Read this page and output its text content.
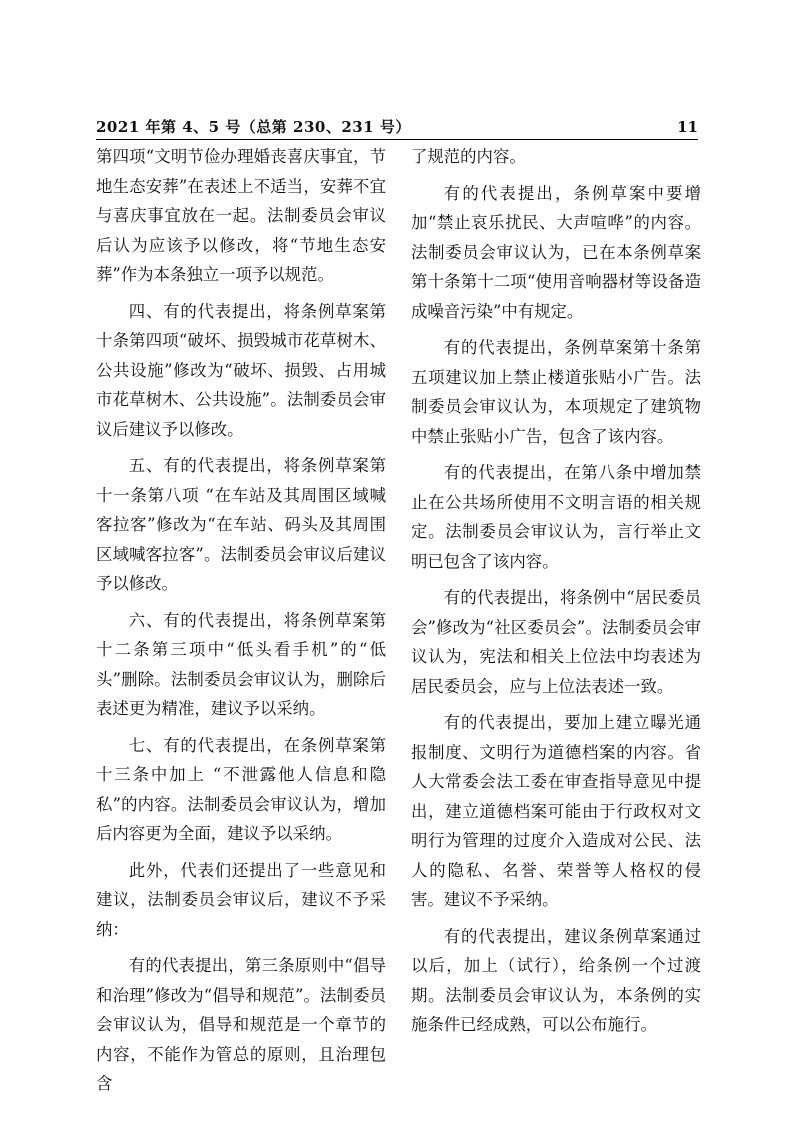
2021 年第 4、5 号（总第 230、231 号）	11

第四项“文明节俭办理婚丧喜庆事宜，节地生态安葬”在表述上不适当，安葬不宜与喜庆事宜放在一起。法制委员会审议后认为应该予以修改，将“节地生态安葬”作为本条独立一项予以规范。

四、有的代表提出，将条例草案第十条第四项“破坏、损毁城市花草树木、公共设施”修改为“破坏、损毁、占用城市花草树木、公共设施”。法制委员会审议后建议予以修改。

五、有的代表提出，将条例草案第十一条第八项 “在车站及其周围区域喊客拉客”修改为“在车站、码头及其周围区域喊客拉客”。法制委员会审议后建议予以修改。

六、有的代表提出，将条例草案第十二条第三项中“低头看手机”的“低头”删除。法制委员会审议认为，删除后表述更为精准，建议予以采纳。

七、有的代表提出，在条例草案第十三条中加上 “不泄露他人信息和隐私”的内容。法制委员会审议认为，增加后内容更为全面，建议予以采纳。

此外，代表们还提出了一些意见和建议，法制委员会审议后，建议不予采纳：

有的代表提出，第三条原则中“倡导和治理”修改为“倡导和规范”。法制委员会审议认为，倡导和规范是一个章节的内容，不能作为管总的原则，且治理包含

了规范的内容。

有的代表提出，条例草案中要增加“禁止哀乐扰民、大声喧哗”的内容。法制委员会审议认为，已在本条例草案第十条第十二项“使用音响器材等设备造成噪音污染”中有规定。

有的代表提出，条例草案第十条第五项建议加上禁止楼道张贴小广告。法制委员会审议认为，本项规定了建筑物中禁止张贴小广告，包含了该内容。

有的代表提出，在第八条中增加禁止在公共场所使用不文明言语的相关规定。法制委员会审议认为，言行举止文明已包含了该内容。

有的代表提出，将条例中“居民委员会”修改为“社区委员会”。法制委员会审议认为，宪法和相关上位法中均表述为居民委员会，应与上位法表述一致。

有的代表提出，要加上建立曝光通报制度、文明行为道德档案的内容。省人大常委会法工委在审查指导意见中提出，建立道德档案可能由于行政权对文明行为管理的过度介入造成对公民、法人的隐私、名誉、荣誉等人格权的侵害。建议不予采纳。

有的代表提出，建议条例草案通过以后，加上（试行），给条例一个过渡期。法制委员会审议认为，本条例的实施条件已经成熟，可以公布施行。
